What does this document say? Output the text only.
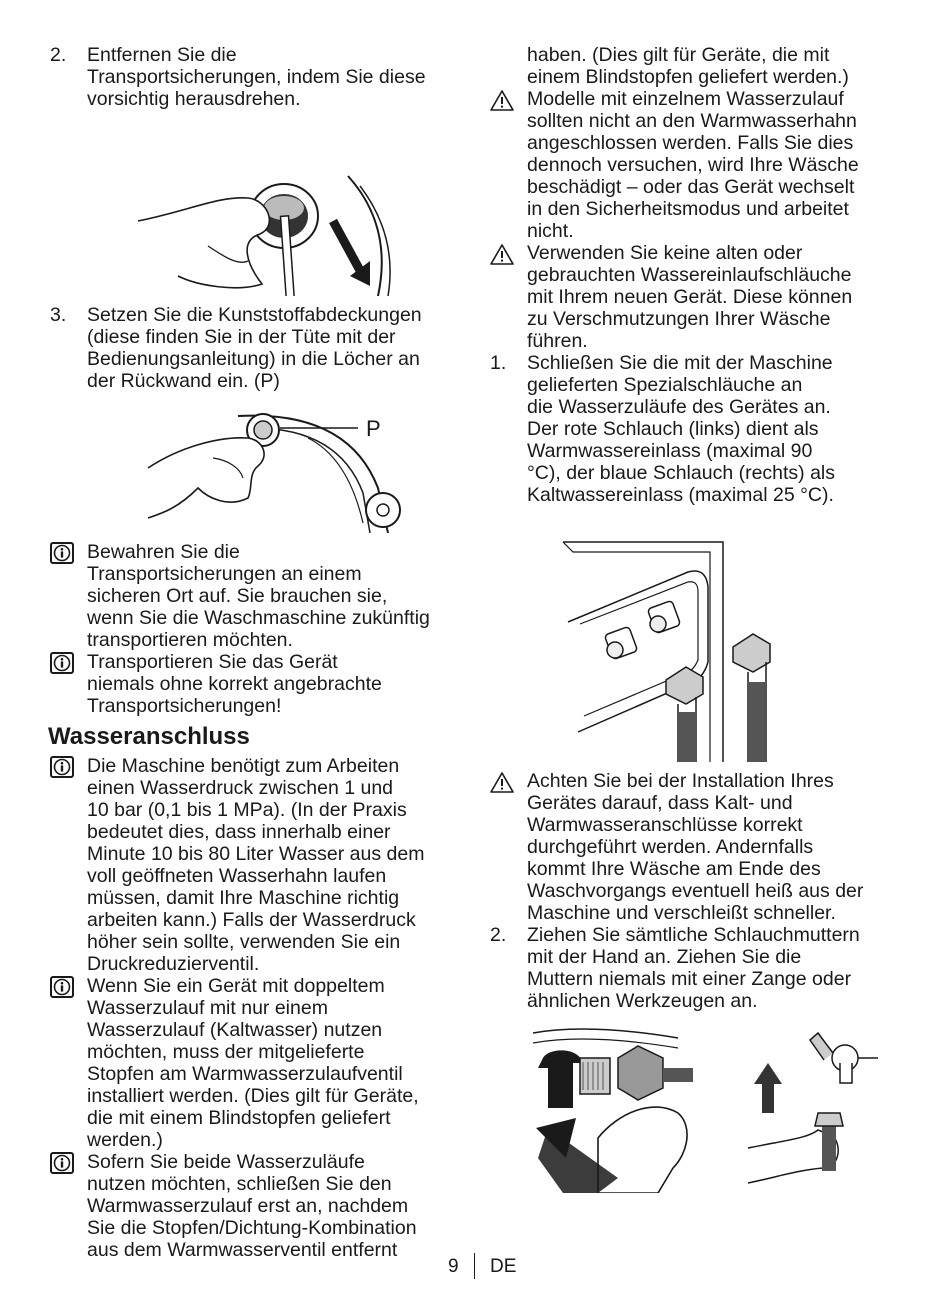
2. Entfernen Sie die
Transportsicherungen, indem Sie diese
vorsichtig herausdrehen.
3. Setzen Sie die Kunststoffabdeckungen
(diese finden Sie in der Tüte mit der
Bedienungsanleitung) in die Löcher an
der Rückwand ein. (P)
P
Bewahren Sie die
Transportsicherungen an einem
sicheren Ort auf. Sie brauchen sie,
wenn Sie die Waschmaschine zukünftig
transportieren möchten.
Transportieren Sie das Gerät
niemals ohne korrekt angebrachte
Transportsicherungen!
Wasseranschluss
Die Maschine benötigt zum Arbeiten
einen Wasserdruck zwischen 1 und
10 bar (0,1 bis 1 MPa). (In der Praxis
bedeutet dies, dass innerhalb einer
Minute 10 bis 80 Liter Wasser aus dem
voll geöffneten Wasserhahn laufen
müssen, damit Ihre Maschine richtig
arbeiten kann.) Falls der Wasserdruck
höher sein sollte, verwenden Sie ein
Druckreduzierventil.
Wenn Sie ein Gerät mit doppeltem
Wasserzulauf mit nur einem
Wasserzulauf (Kaltwasser) nutzen
möchten, muss der mitgelieferte
Stopfen am Warmwasserzulaufventil
installiert werden. (Dies gilt für Geräte,
die mit einem Blindstopfen geliefert
werden.)
Sofern Sie beide Wasserzuläufe
nutzen möchten, schließen Sie den
Warmwasserzulauf erst an, nachdem
Sie die Stopfen/Dichtung-Kombination
aus dem Warmwasserventil entfernt
haben. (Dies gilt für Geräte, die mit
einem Blindstopfen geliefert werden.)
Modelle mit einzelnem Wasserzulauf
sollten nicht an den Warmwasserhahn
angeschlossen werden. Falls Sie dies
dennoch versuchen, wird Ihre Wäsche
beschädigt – oder das Gerät wechselt
in den Sicherheitsmodus und arbeitet
nicht.
Verwenden Sie keine alten oder
gebrauchten Wassereinlaufschläuche
mit Ihrem neuen Gerät. Diese können
zu Verschmutzungen Ihrer Wäsche
führen.
1. Schließen Sie die mit der Maschine
gelieferten Spezialschläuche an
die Wasserzuläufe des Gerätes an.
Der rote Schlauch (links) dient als
Warmwassereinlass (maximal 90
°C), der blaue Schlauch (rechts) als
Kaltwassereinlass (maximal 25 °C).
Achten Sie bei der Installation Ihres
Gerätes darauf, dass Kalt- und
Warmwasseranschlüsse korrekt
durchgeführt werden. Andernfalls
kommt Ihre Wäsche am Ende des
Waschvorgangs eventuell heiß aus der
Maschine und verschleißt schneller.
2. Ziehen Sie sämtliche Schlauchmuttern
mit der Hand an. Ziehen Sie die
Muttern niemals mit einer Zange oder
ähnlichen Werkzeugen an.
9 DE
